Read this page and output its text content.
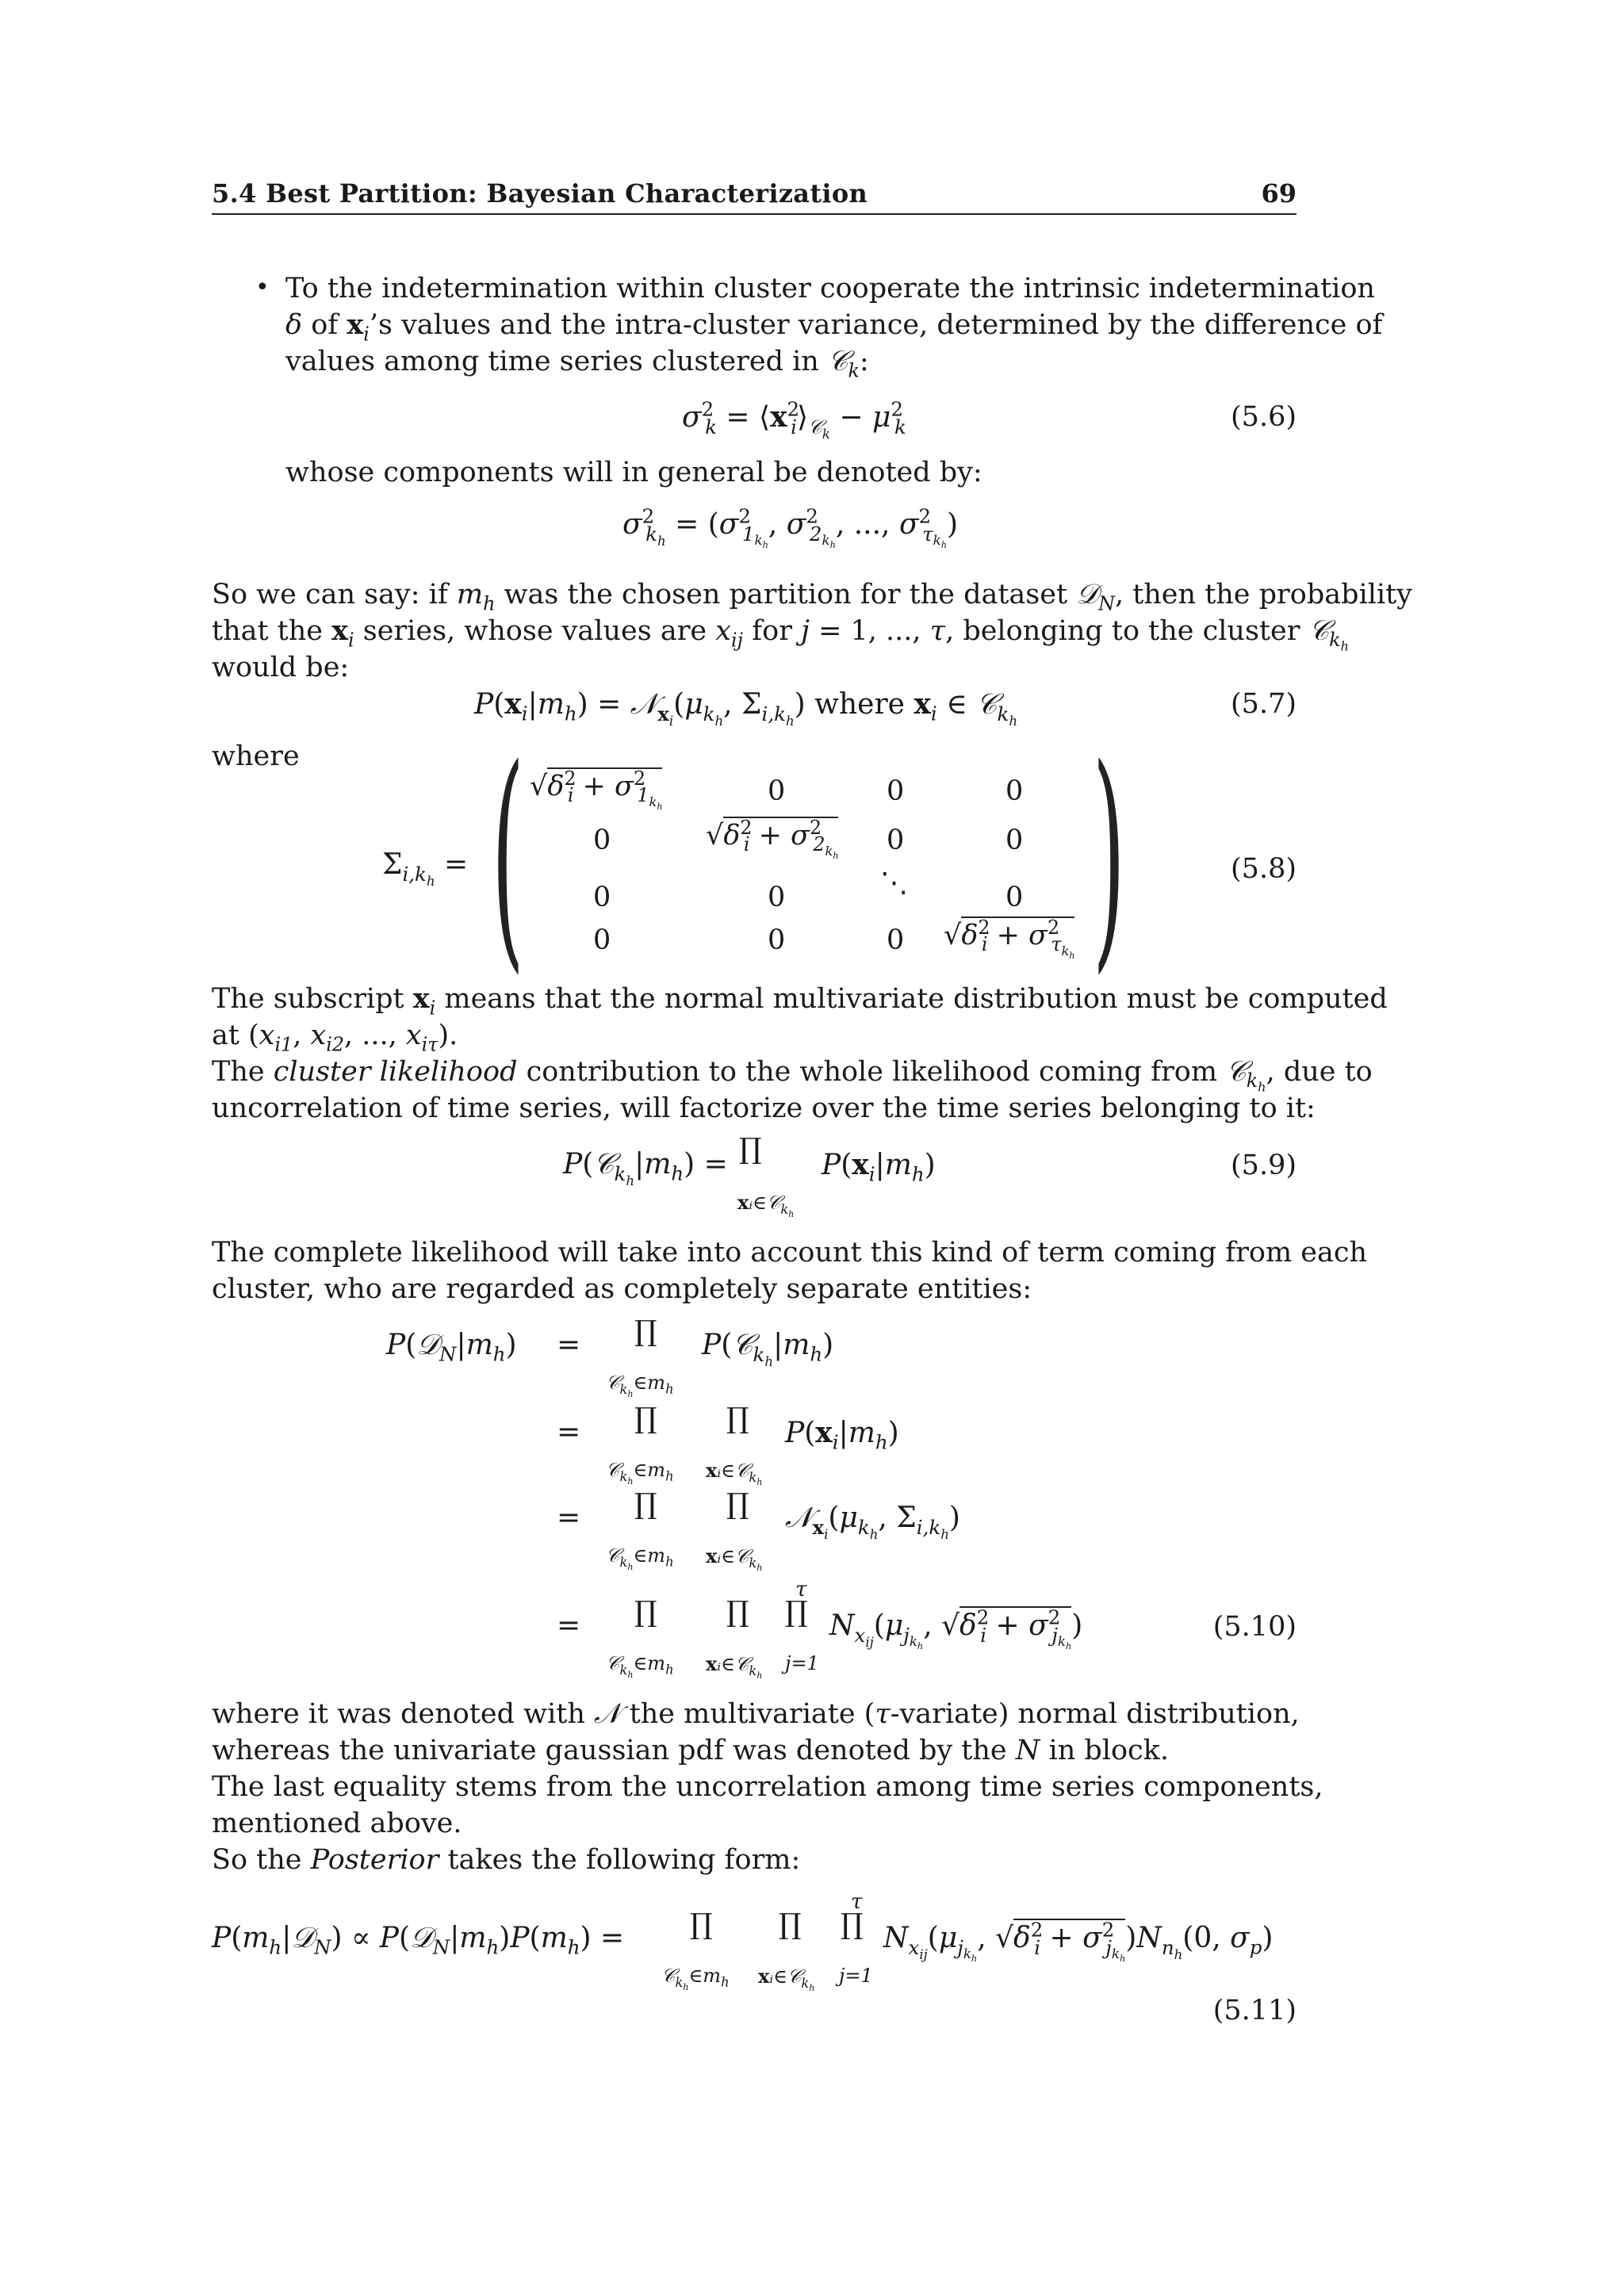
5.4 Best Partition: Bayesian Characterization	69
• To the indetermination within cluster cooperate the intrinsic indetermination
δ of $x_i’s$ values and the intra-cluster variance, determined by the difference of
values among time series clustered in 𝒞$_k$:
$\sigma^2_k$ = $⟨x^2_i⟩_{𝒞_k} - \mu^2_k$	(5.6)
whose components will in general be denoted by:
$\sigma^2_{k_h} = (\sigma^2_{1_{k_h}}$, $\sigma^2_{2_{k_h}}$, ..., $\sigma^2_{\tau_{k_h}}$)
So we can say: if $m_h$ was the chosen partition for the dataset 𝒟$_N$, then the probability
that the $x_i$ series, whose values are $x_{ij}$ for j = 1, ..., τ, belonging to the cluster 𝒞$_{k_h}$
would be:
$P(x_i|m_h)$ = $𝒩_{x_i}(\mu_{k_h}$, $\Sigma_{i,k_h}$) where $x_i$ ∈ 𝒞$_{k_h}$
(5.7)
where
$\Sigma_{i,k_h}$ = ( )
$√\delta^2_i + \sigma^2_{1_{k_h}}$	0	0	0
0	$√\delta^2_i + \sigma^2_{2_{k_h}}$ 0	0
0	0	⋱	0
0	0	0 $√\delta^2_i + \sigma^2_{\tau_{k_h}}$
(5.8)
The subscript $x_i$ means that the normal multivariate distribution must be computed
at ($x_{i1}$, $x_{i2}$, ..., $x_{i\tau}$).
The cluster likelihood contribution to the whole likelihood coming from 𝒞$_{k_h}$, due to
uncorrelation of time series, will factorize over the time series belonging to it:
$P(𝒞_{k_h}|m_h)$ = ∏
xᵢ∈𝒞$_{k_h}$
$P(x_i|m_h)$	(5.9)
The complete likelihood will take into account this kind of term coming from each
cluster, who are regarded as completely separate entities:
$P(𝒟_N|m_h)$ = ∏
$𝒞_{k_h}\in m_h$
$P(𝒞_{k_h}|m_h)$
= ∏
$𝒞_{k_h}\in m_h$
∏
xᵢ∈𝒞$_{k_h}$
$P(x_i|m_h)$
= ∏
$𝒞_{k_h}\in m_h$
∏
xᵢ∈𝒞$_{k_h}$
$𝒩_{x_i}(\mu_{k_h}$, $\Sigma_{i,k_h}$)
τ
= ∏
$𝒞_{k_h}\in m_h$
∏
xᵢ∈𝒞$_{k_h}$
∏
j=1
$N_{x_{ij}}(\mu_{j_{k_h}}$, $√\delta^2_i + \sigma^2_{j_{k_h}}$)	(5.10)
where it was denoted with 𝒩 the multivariate (τ-variate) normal distribution,
whereas the univariate gaussian pdf was denoted by the N in block.
The last equality stems from the uncorrelation among time series components,
mentioned above.
So the Posterior takes the following form:
τ
$P(m_h|𝒟_N)$ ∝ $P(𝒟_N|m_h)P(m_h)$ = ∏
$𝒞_{k_h}\in m_h$
∏
xᵢ∈𝒞$_{k_h}$
∏
j=1
$N_{x_{ij}}(\mu_{j_{k_h}}$, $√\delta^2_i + \sigma^2_{j_{k_h}})N_{n_h}(0$, $\sigma_p$)
(5.11)
